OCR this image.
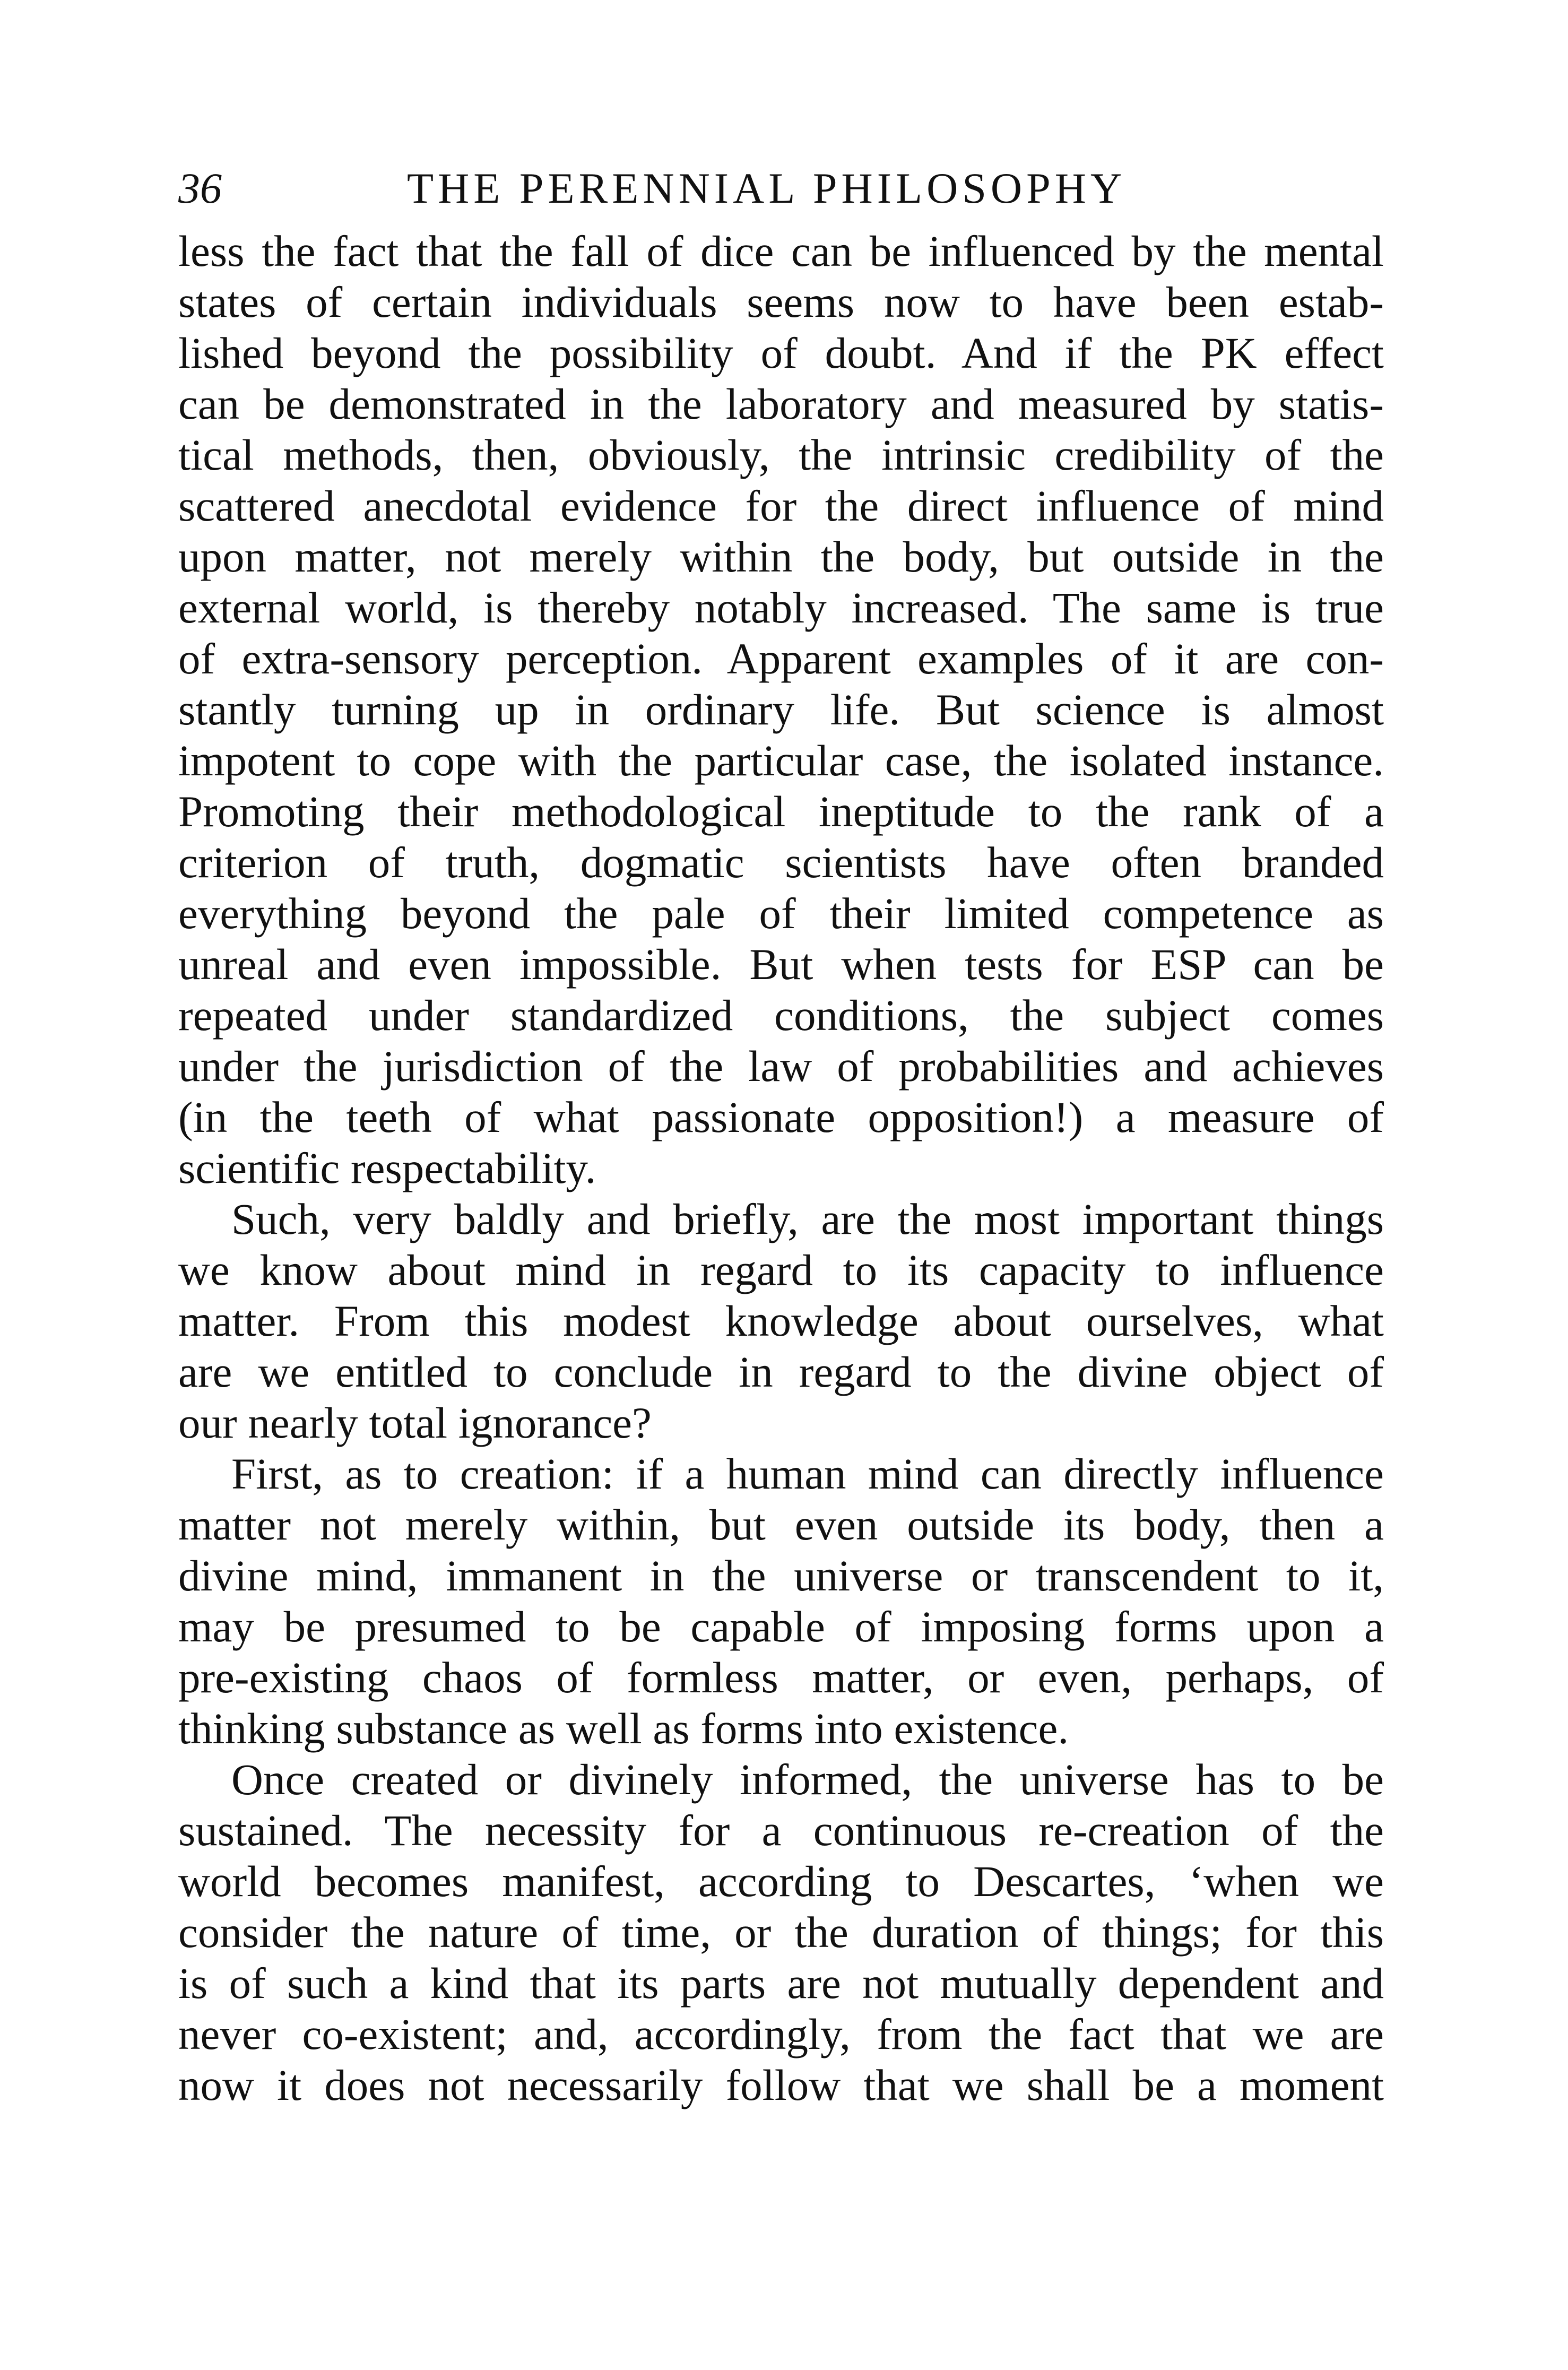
36	THE PERENNIAL PHILOSOPHY
less the fact that the fall of dice can be influenced by the mental
states of certain individuals seems now to have been estab-
lished beyond the possibility of doubt. And if the PK effect
can be demonstrated in the laboratory and measured by statis-
tical methods, then, obviously, the intrinsic credibility of the
scattered anecdotal evidence for the direct influence of mind
upon matter, not merely within the body, but outside in the
external world, is thereby notably increased. The same is true
of extra-sensory perception. Apparent examples of it are con-
stantly turning up in ordinary life. But science is almost
impotent to cope with the particular case, the isolated instance.
Promoting their methodological ineptitude to the rank of a
criterion of truth, dogmatic scientists have often branded
everything beyond the pale of their limited competence as
unreal and even impossible. But when tests for ESP can be
repeated under standardized conditions, the subject comes
under the jurisdiction of the law of probabilities and achieves
(in the teeth of what passionate opposition!) a measure of
scientific respectability.
Such, very baldly and briefly, are the most important things
we know about mind in regard to its capacity to influence
matter. From this modest knowledge about ourselves, what
are we entitled to conclude in regard to the divine object of
our nearly total ignorance?
First, as to creation: if a human mind can directly influence
matter not merely within, but even outside its body, then a
divine mind, immanent in the universe or transcendent to it,
may be presumed to be capable of imposing forms upon a
pre-existing chaos of formless matter, or even, perhaps, of
thinking substance as well as forms into existence.
Once created or divinely informed, the universe has to be
sustained. The necessity for a continuous re-creation of the
world becomes manifest, according to Descartes, ‘when we
consider the nature of time, or the duration of things; for this
is of such a kind that its parts are not mutually dependent and
never co-existent; and, accordingly, from the fact that we are
now it does not necessarily follow that we shall be a moment
